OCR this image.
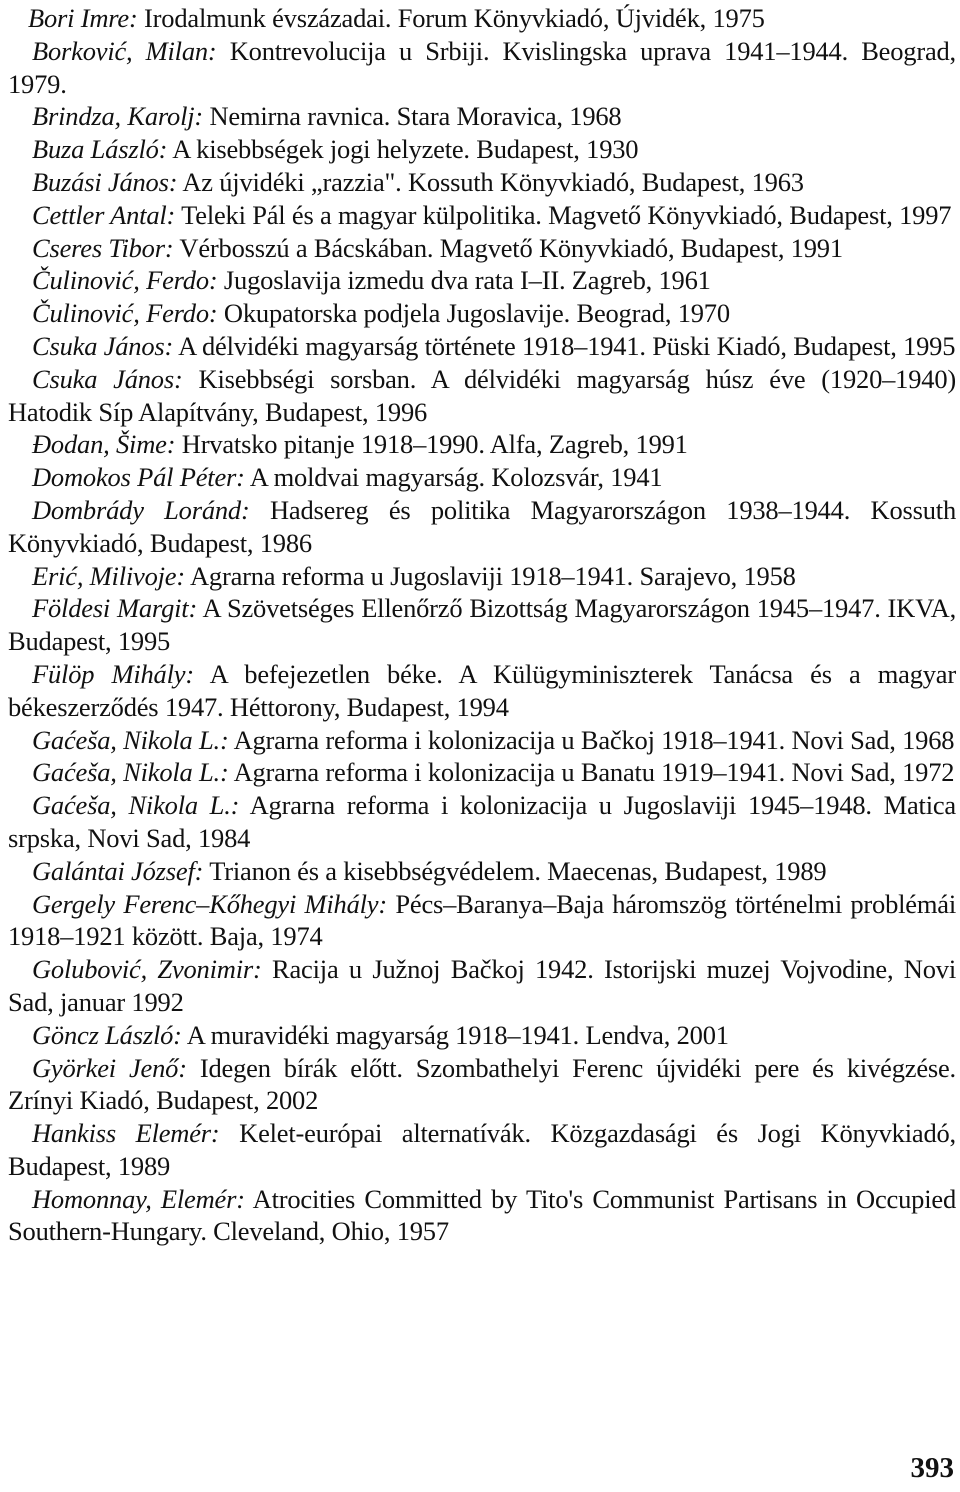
Bori Imre: Irodalmunk évszázadai. Forum Könyvkiadó, Újvidék, 1975
Borković, Milan: Kontrevolucija u Srbiji. Kvislingska uprava 1941–1944. Beograd, 1979.
Brindza, Karolj: Nemirna ravnica. Stara Moravica, 1968
Buza László: A kisebbségek jogi helyzete. Budapest, 1930
Buzási János: Az újvidéki „razzia". Kossuth Könyvkiadó, Budapest, 1963
Cettler Antal: Teleki Pál és a magyar külpolitika. Magvető Könyvkiadó, Budapest, 1997
Cseres Tibor: Vérbosszú a Bácskában. Magvető Könyvkiadó, Budapest, 1991
Čulinović, Ferdo: Jugoslavija izmedu dva rata I–II. Zagreb, 1961
Čulinović, Ferdo: Okupatorska podjela Jugoslavije. Beograd, 1970
Csuka János: A délvidéki magyarság története 1918–1941. Püski Kiadó, Budapest, 1995
Csuka János: Kisebbségi sorsban. A délvidéki magyarság húsz éve (1920–1940) Hatodik Síp Alapítvány, Budapest, 1996
Đodan, Šime: Hrvatsko pitanje 1918–1990. Alfa, Zagreb, 1991
Domokos Pál Péter: A moldvai magyarság. Kolozsvár, 1941
Dombrády Loránd: Hadsereg és politika Magyarországon 1938–1944. Kossuth Könyvkiadó, Budapest, 1986
Erić, Milivoje: Agrarna reforma u Jugoslaviji 1918–1941. Sarajevo, 1958
Földesi Margit: A Szövetséges Ellenőrző Bizottság Magyarországon 1945–1947. IKVA, Budapest, 1995
Fülöp Mihály: A befejezetlen béke. A Külügyminiszterek Tanácsa és a magyar békeszerződés 1947. Héttorony, Budapest, 1994
Gaćeša, Nikola L.: Agrarna reforma i kolonizacija u Bačkoj 1918–1941. Novi Sad, 1968
Gaćeša, Nikola L.: Agrarna reforma i kolonizacija u Banatu 1919–1941. Novi Sad, 1972
Gaćeša, Nikola L.: Agrarna reforma i kolonizacija u Jugoslaviji 1945–1948. Matica srpska, Novi Sad, 1984
Galántai József: Trianon és a kisebbségvédelem. Maecenas, Budapest, 1989
Gergely Ferenc–Kőhegyi Mihály: Pécs–Baranya–Baja háromszög történelmi problémái 1918–1921 között. Baja, 1974
Golubović, Zvonimir: Racija u Južnoj Bačkoj 1942. Istorijski muzej Vojvodine, Novi Sad, januar 1992
Göncz László: A muravidéki magyarság 1918–1941. Lendva, 2001
Györkei Jenő: Idegen bírák előtt. Szombathelyi Ferenc újvidéki pere és kivégzése. Zrínyi Kiadó, Budapest, 2002
Hankiss Elemér: Kelet-európai alternatívák. Közgazdasági és Jogi Könyvkiadó, Budapest, 1989
Homonnay, Elemér: Atrocities Committed by Tito's Communist Partisans in Occupied Southern-Hungary. Cleveland, Ohio, 1957
393
